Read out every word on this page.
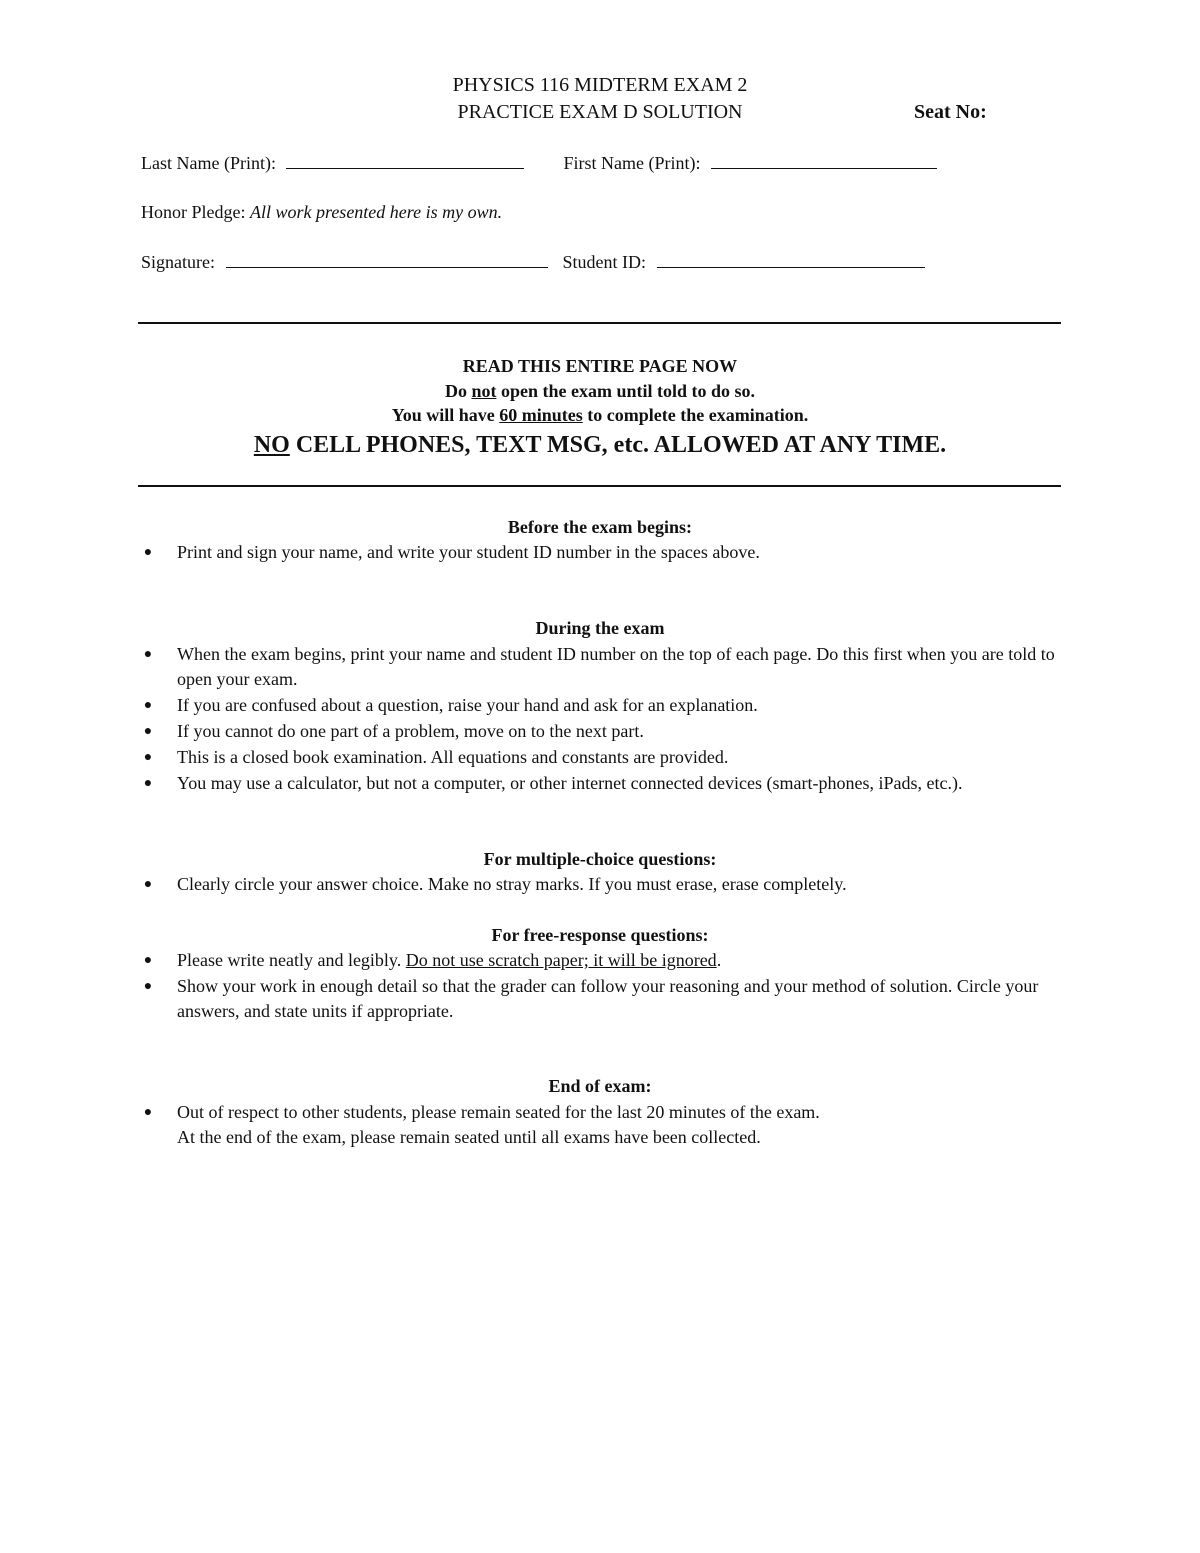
PHYSICS 116 MIDTERM EXAM 2
PRACTICE EXAM D SOLUTION	Seat No:
Last Name (Print):	First Name (Print):
Honor Pledge: All work presented here is my own.
Signature:	Student ID:
READ THIS ENTIRE PAGE NOW
Do not open the exam until told to do so.
You will have 60 minutes to complete the examination.
NO CELL PHONES, TEXT MSG, etc. ALLOWED AT ANY TIME.
Before the exam begins:
● Print and sign your name, and write your student ID number in the spaces above.
During the exam
● When the exam begins, print your name and student ID number on the top of each page. Do this first when you are told to open your exam.
● If you are confused about a question, raise your hand and ask for an explanation.
● If you cannot do one part of a problem, move on to the next part.
● This is a closed book examination. All equations and constants are provided.
● You may use a calculator, but not a computer, or other internet connected devices (smart-phones, iPads, etc.).
For multiple-choice questions:
● Clearly circle your answer choice. Make no stray marks. If you must erase, erase completely.
For free-response questions:
● Please write neatly and legibly. Do not use scratch paper; it will be ignored.
● Show your work in enough detail so that the grader can follow your reasoning and your method of solution. Circle your answers, and state units if appropriate.
End of exam:
● Out of respect to other students, please remain seated for the last 20 minutes of the exam.
At the end of the exam, please remain seated until all exams have been collected.
